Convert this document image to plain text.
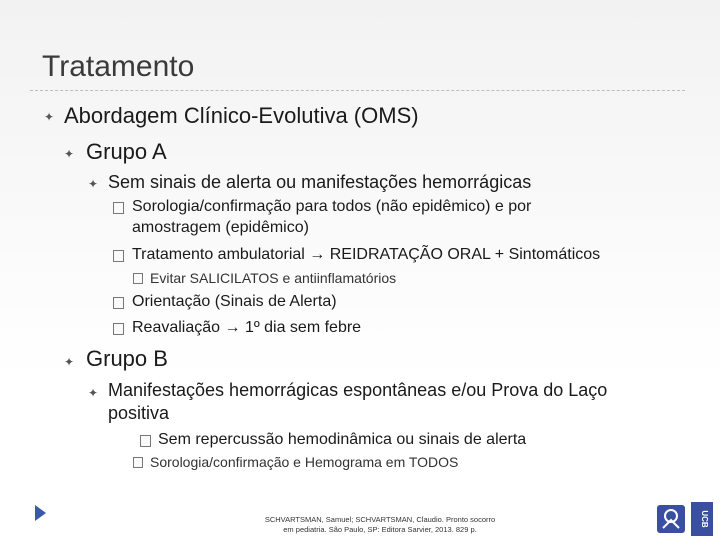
Tratamento
✦ Abordagem Clínico-Evolutiva (OMS)
✦ Grupo A
✦ Sem sinais de alerta ou manifestações hemorrágicas
Sorologia/confirmação para todos (não epidêmico) e por
amostragem (epidêmico)
Tratamento ambulatorial → REIDRATAÇÃO ORAL + Sintomáticos
Evitar SALICILATOS e antiinflamatórios
Orientação (Sinais de Alerta)
Reavaliação → 1º dia sem febre
✦ Grupo B
✦ Manifestações hemorrágicas espontâneas e/ou Prova do Laço
positiva
Sem repercussão hemodinâmica ou sinais de alerta
Sorologia/confirmação e Hemograma em TODOS
SCHVARTSMAN, Samuel; SCHVARTSMAN, Claudio. Pronto socorro
em pediatria. São Paulo, SP: Editora Sarvier, 2013. 829 p.
UCB
